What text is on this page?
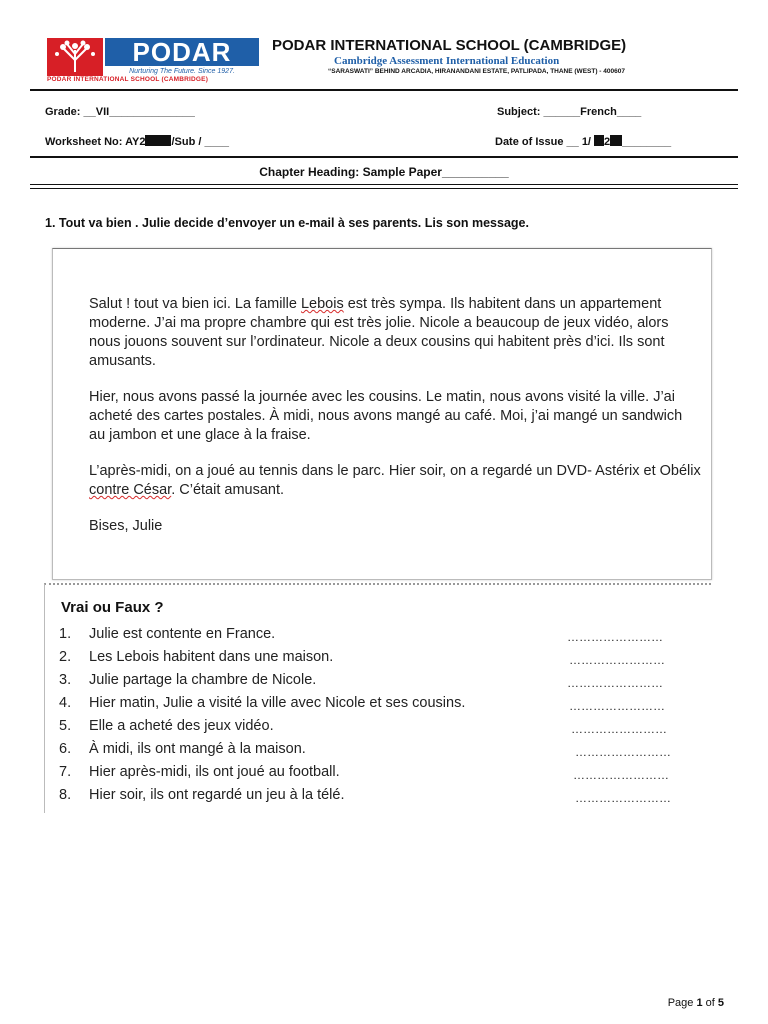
PODAR
Nurturing The Future. Since 1927.
PODAR INTERNATIONAL SCHOOL (CAMBRIDGE)
PODAR INTERNATIONAL SCHOOL (CAMBRIDGE)
Cambridge Assessment International Education
“SARASWATI” BEHIND ARCADIA, HIRANANDANI ESTATE, PATLIPADA, THANE (WEST) - 400607
Grade: __VII______________	Subject: ______French____
Worksheet No: AY2 /Sub / ____	Date of Issue __ 1/ 2 ________
Chapter Heading: Sample Paper__________
1. Tout va bien . Julie decide d’envoyer un e-mail à ses parents. Lis son message.

Salut ! tout va bien ici. La famille Lebois est très sympa. Ils habitent dans un appartement moderne. J’ai ma propre chambre qui est très jolie. Nicole a beaucoup de jeux vidéo, alors nous jouons souvent sur l’ordinateur. Nicole a deux cousins qui habitent près d’ici. Ils sont amusants.

Hier, nous avons passé la journée avec les cousins. Le matin, nous avons visité la ville. J’ai acheté des cartes postales. À midi, nous avons mangé au café. Moi, j’ai mangé un sandwich au jambon et une glace à la fraise.

L’après-midi, on a joué au tennis dans le parc. Hier soir, on a regardé un DVD- Astérix et Obélix contre César. C’était amusant.

Bises, Julie

Vrai ou Faux ?
1. Julie est contente en France.	……………………
2. Les Lebois habitent dans une maison.	……………………
3. Julie partage la chambre de Nicole.	……………………
4. Hier matin, Julie a visité la ville avec Nicole et ses cousins.	……………………
5. Elle a acheté des jeux vidéo.	……………………
6. À midi, ils ont mangé à la maison.	……………………
7. Hier après-midi, ils ont joué au football.	……………………
8. Hier soir, ils ont regardé un jeu à la télé.	……………………
Page 1 of 5
